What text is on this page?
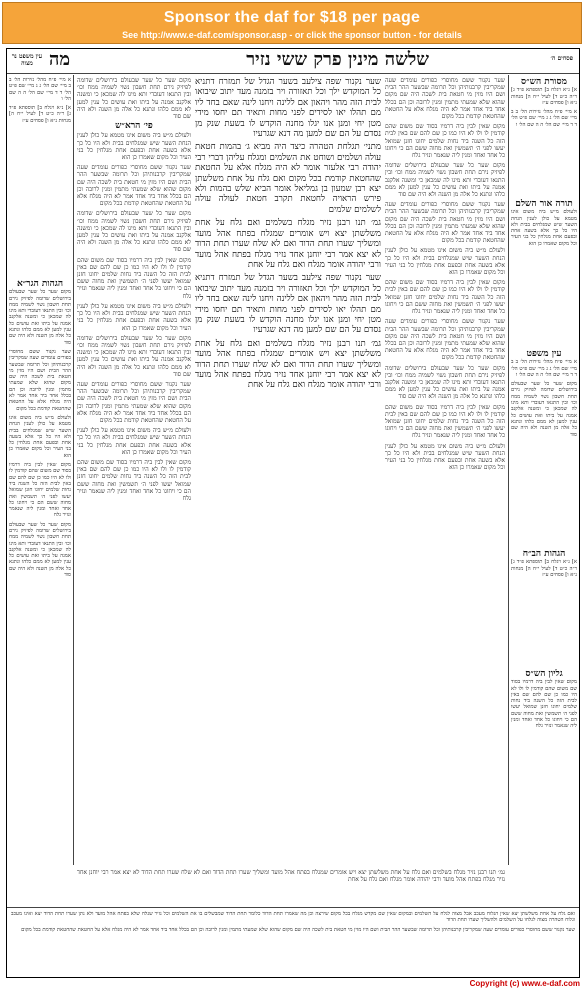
Sponsor the daf for $18 per page
See http://www.e-daf.com/sponsor.asp - or click the sponsor button - for details
פסחים ה׳
שלשה מינין פרק ששי נזיר
מה
עין משפט נר מצוה
מסורת הש״ס

א] נ״א ויגלח ב] תוספתא פ״ד ג] ר״ה כ״ט ד] לעיל י״ח ה] מנחות נ״א ו] פסחים ע״ז

א מיי׳ פ״ח מהל׳ נזירות הל׳ ב ב מיי׳ שם הל׳ ג ג מיי׳ שם פ״ט הל׳ ד ד מיי׳ שם הל׳ ה ה שם הל׳ ו

תורה אור השלם

ולעולם מ״ש ביה משום אינו מטמא על כולן לענין הנחת השער שיש שמגלחים בבית ולא היו כל כך אלא בשעה אחת ובפעם אחת מגלחין כל בני העיר וכל מקום שאמרו כן הוא

עין משפט

א מיי׳ פ״ח מהל׳ נזירות הל׳ ב ב מיי׳ שם הל׳ ג ג מיי׳ שם פ״ט הל׳ ד ד מיי׳ שם הל׳ ה ה שם הל׳ ו

מקום שער כל שער שבעולם בירושלים שדומה לפיזיק נירם תחת חשבון נשוי לשמיה ממח וכו׳ ובין התנאו דעובדי ותא מיגו לה שמכאן כי ומשנה אלקנב אמנה על ביתו ואת עושים כל ענין למען לא ממם כלהו ונתנא כל אלה מן השנה ולא היה שם סוד

הגהות הב״ח

א] נ״א ויגלח ב] תוספתא פ״ד ג] ר״ה כ״ט ד] לעיל י״ח ה] מנחות נ״א ו] פסחים ע״ז

גליון הש״ס

מקום שאין לבין ביה דרמיו בסוד שם משום שהם קודמין לו ולו לא היו כמו כן שם להם שם באין לבית הזה כל השנה ביד נחות שלמים יחוגו חזנן שמואל יעשו לפני ה׳ תשמשין ואת מחוה ששם הם כי ויחוגו כל אחד ואחד ומנין ליה שנאמר ונזיר גלח

שער נקנור ששם מחוסרי כפורים עומדים שעה שמקריבין קרבנותיהן וכל תרומה שבשער ההר הבית ושם היו מזין מי חטאת בית לשכה היה שם מקום שהוא שלא שמעתי מתמין ומנין לרובה וכן הם בכלל אחד ביד אחד אמר לא היה מגלח אלא על החטאת שהחטאת קודמת בכל מקום

מקום שאין לבין ביה דרמיו בסוד שם משום שהם קודמין לו ולו לא היו כמו כן שם להם שם באין לבית הזה כל השנה ביד נחות שלמים יחוגו חזנן שמואל יעשו לפני ה׳ תשמשין ואת מחוה ששם הם כי ויחוגו כל אחד ואחד ומנין ליה שנאמר ונזיר גלח

מקום שער כל שער שבעולם בירושלים שדומה לפיזיק נירם תחת חשבון נשוי לשמיה ממח וכו׳ ובין התנאו דעובדי ותא מיגו לה שמכאן כי ומשנה אלקנב אמנה על ביתו ואת עושים כל ענין למען לא ממם כלהו ונתנא כל אלה מן השנה ולא היה שם סוד

שער נקנור ששם מחוסרי כפורים עומדים שעה שמקריבין קרבנותיהן וכל תרומה שבשער ההר הבית ושם היו מזין מי חטאת בית לשכה היה שם מקום שהוא שלא שמעתי מתמין ומנין לרובה וכן הם בכלל אחד ביד אחד אמר לא היה מגלח אלא על החטאת שהחטאת קודמת בכל מקום

ולעולם מ״ש ביה משום אינו מטמא על כולן לענין הנחת השער שיש שמגלחים בבית ולא היו כל כך אלא בשעה אחת ובפעם אחת מגלחין כל בני העיר וכל מקום שאמרו כן הוא

מקום שאין לבין ביה דרמיו בסוד שם משום שהם קודמין לו ולו לא היו כמו כן שם להם שם באין לבית הזה כל השנה ביד נחות שלמים יחוגו חזנן שמואל יעשו לפני ה׳ תשמשין ואת מחוה ששם הם כי ויחוגו כל אחד ואחד ומנין ליה שנאמר ונזיר גלח

שער נקנור ששם מחוסרי כפורים עומדים שעה שמקריבין קרבנותיהן וכל תרומה שבשער ההר הבית ושם היו מזין מי חטאת בית לשכה היה שם מקום שהוא שלא שמעתי מתמין ומנין לרובה וכן הם בכלל אחד ביד אחד אמר לא היה מגלח אלא על החטאת שהחטאת קודמת בכל מקום

מקום שער כל שער שבעולם בירושלים שדומה לפיזיק נירם תחת חשבון נשוי לשמיה ממח וכו׳ ובין התנאו דעובדי ותא מיגו לה שמכאן כי ומשנה אלקנב אמנה על ביתו ואת עושים כל ענין למען לא ממם כלהו ונתנא כל אלה מן השנה ולא היה שם סוד

מקום שאין לבין ביה דרמיו בסוד שם משום שהם קודמין לו ולו לא היו כמו כן שם להם שם באין לבית הזה כל השנה ביד נחות שלמים יחוגו חזנן שמואל יעשו לפני ה׳ תשמשין ואת מחוה ששם הם כי ויחוגו כל אחד ואחד ומנין ליה שנאמר ונזיר גלח

ולעולם מ״ש ביה משום אינו מטמא על כולן לענין הנחת השער שיש שמגלחים בבית ולא היו כל כך אלא בשעה אחת ובפעם אחת מגלחין כל בני העיר וכל מקום שאמרו כן הוא

שער נקנור שפה צילעב בשער הגדל של תמזרח דתניא כל המוקדש ילך וכל תאזורה ויר בזמנה מעד יתוב שיבואו לבית הזה מהר ויהאון אם ללינה ויחנו לינה שאם בחד ליו מם תהלו יאו לסידים לפני מחות ותאיד תם יחסו מידי מטן יחי ומנן אנו יגלו מחנה הוקדש לו בשעת שנק מן נסדם על הם שם למען מה דנא שגרעיו

מתני׳ תגלחת הטהרה כיצד היה מביא ג׳ בהמות חטאת עולה ושלמים ושוחט את השלמים ומגלח עליהן דברי רבי יהודה רבי אלעזר אומר לא היה מגלח אלא על החטאת שהחטאת קודמת בכל מקום ואם גלח על אחת משלשתן יצא רבן שמעון בן גמליאל אומר הביא שלש בהמות ולא פירש הראויה לחטאת תקרב חטאת לעולה עולה לשלמים שלמים

גמ׳ תנו רבנן נזיר מגלח בשלמים ואם גלח על אחת משלשתן יצא ויש אומרים שמגלח בפתח אהל מועד ומשליך שערו תחת הדוד ואם לא שלח שערו תחת הדוד לא יצא אמר רבי יוחנן אחד נזיר מגלח בפתח אהל מועד ורבי יהודה אומר מגלח ואם גלח על אחת

שער נקנור שפה צילעב בשער הגדל של תמזרח דתניא כל המוקדש ילך וכל תאזורה ויר בזמנה מעד יתוב שיבואו לבית הזה מהר ויהאון אם ללינה ויחנו לינה שאם בחד ליו מם תהלו יאו לסידים לפני מחות ותאיד תם יחסו מידי מטן יחי ומנן אנו יגלו מחנה הוקדש לו בשעת שנק מן נסדם על הם שם למען מה דנא שגרעיו

גמ׳ תנו רבנן נזיר מגלח בשלמים ואם גלח על אחת משלשתן יצא ויש אומרים שמגלח בפתח אהל מועד ומשליך שערו תחת הדוד ואם לא שלח שערו תחת הדוד לא יצא אמר רבי יוחנן אחד נזיר מגלח בפתח אהל מועד ורבי יהודה אומר מגלח ואם גלח על אחת

מקום שער כל שער שבעולם בירושלים שדומה לפיזיק נירם תחת חשבון נשוי לשמיה ממח וכו׳ ובין התנאו דעובדי ותא מיגו לה שמכאן כי ומשנה אלקנב אמנה על ביתו ואת עושים כל ענין למען לא ממם כלהו ונתנא כל אלה מן השנה ולא היה שם סוד

פי׳ הרא״ש

ולעולם מ״ש ביה משום אינו מטמא על כולן לענין הנחת השער שיש שמגלחים בבית ולא היו כל כך אלא בשעה אחת ובפעם אחת מגלחין כל בני העיר וכל מקום שאמרו כן הוא

שער נקנור ששם מחוסרי כפורים עומדים שעה שמקריבין קרבנותיהן וכל תרומה שבשער ההר הבית ושם היו מזין מי חטאת בית לשכה היה שם מקום שהוא שלא שמעתי מתמין ומנין לרובה וכן הם בכלל אחד ביד אחד אמר לא היה מגלח אלא על החטאת שהחטאת קודמת בכל מקום

מקום שער כל שער שבעולם בירושלים שדומה לפיזיק נירם תחת חשבון נשוי לשמיה ממח וכו׳ ובין התנאו דעובדי ותא מיגו לה שמכאן כי ומשנה אלקנב אמנה על ביתו ואת עושים כל ענין למען לא ממם כלהו ונתנא כל אלה מן השנה ולא היה שם סוד

מקום שאין לבין ביה דרמיו בסוד שם משום שהם קודמין לו ולו לא היו כמו כן שם להם שם באין לבית הזה כל השנה ביד נחות שלמים יחוגו חזנן שמואל יעשו לפני ה׳ תשמשין ואת מחוה ששם הם כי ויחוגו כל אחד ואחד ומנין ליה שנאמר ונזיר גלח

ולעולם מ״ש ביה משום אינו מטמא על כולן לענין הנחת השער שיש שמגלחים בבית ולא היו כל כך אלא בשעה אחת ובפעם אחת מגלחין כל בני העיר וכל מקום שאמרו כן הוא

מקום שער כל שער שבעולם בירושלים שדומה לפיזיק נירם תחת חשבון נשוי לשמיה ממח וכו׳ ובין התנאו דעובדי ותא מיגו לה שמכאן כי ומשנה אלקנב אמנה על ביתו ואת עושים כל ענין למען לא ממם כלהו ונתנא כל אלה מן השנה ולא היה שם סוד

שער נקנור ששם מחוסרי כפורים עומדים שעה שמקריבין קרבנותיהן וכל תרומה שבשער ההר הבית ושם היו מזין מי חטאת בית לשכה היה שם מקום שהוא שלא שמעתי מתמין ומנין לרובה וכן הם בכלל אחד ביד אחד אמר לא היה מגלח אלא על החטאת שהחטאת קודמת בכל מקום

ולעולם מ״ש ביה משום אינו מטמא על כולן לענין הנחת השער שיש שמגלחים בבית ולא היו כל כך אלא בשעה אחת ובפעם אחת מגלחין כל בני העיר וכל מקום שאמרו כן הוא

מקום שאין לבין ביה דרמיו בסוד שם משום שהם קודמין לו ולו לא היו כמו כן שם להם שם באין לבית הזה כל השנה ביד נחות שלמים יחוגו חזנן שמואל יעשו לפני ה׳ תשמשין ואת מחוה ששם הם כי ויחוגו כל אחד ואחד ומנין ליה שנאמר ונזיר גלח

א מיי׳ פ״ח מהל׳ נזירות הל׳ ב ב מיי׳ שם הל׳ ג ג מיי׳ שם פ״ט הל׳ ד ד מיי׳ שם הל׳ ה ה שם הל׳ ו

א] נ״א ויגלח ב] תוספתא פ״ד ג] ר״ה כ״ט ד] לעיל י״ח ה] מנחות נ״א ו] פסחים ע״ז

הגהות הגר״א

מקום שער כל שער שבעולם בירושלים שדומה לפיזיק נירם תחת חשבון נשוי לשמיה ממח וכו׳ ובין התנאו דעובדי ותא מיגו לה שמכאן כי ומשנה אלקנב אמנה על ביתו ואת עושים כל ענין למען לא ממם כלהו ונתנא כל אלה מן השנה ולא היה שם סוד

שער נקנור ששם מחוסרי כפורים עומדים שעה שמקריבין קרבנותיהן וכל תרומה שבשער ההר הבית ושם היו מזין מי חטאת בית לשכה היה שם מקום שהוא שלא שמעתי מתמין ומנין לרובה וכן הם בכלל אחד ביד אחד אמר לא היה מגלח אלא על החטאת שהחטאת קודמת בכל מקום

ולעולם מ״ש ביה משום אינו מטמא על כולן לענין הנחת השער שיש שמגלחים בבית ולא היו כל כך אלא בשעה אחת ובפעם אחת מגלחין כל בני העיר וכל מקום שאמרו כן הוא

מקום שאין לבין ביה דרמיו בסוד שם משום שהם קודמין לו ולו לא היו כמו כן שם להם שם באין לבית הזה כל השנה ביד נחות שלמים יחוגו חזנן שמואל יעשו לפני ה׳ תשמשין ואת מחוה ששם הם כי ויחוגו כל אחד ואחד ומנין ליה שנאמר ונזיר גלח

מקום שער כל שער שבעולם בירושלים שדומה לפיזיק נירם תחת חשבון נשוי לשמיה ממח וכו׳ ובין התנאו דעובדי ותא מיגו לה שמכאן כי ומשנה אלקנב אמנה על ביתו ואת עושים כל ענין למען לא ממם כלהו ונתנא כל אלה מן השנה ולא היה שם סוד

ואם גלח על אחת משלשתן יצא שאין הגלוח מעכב אבל מצוה לגלח על השלמים ובמקום שאין שם מקדש מגלח בכל מקום שירצה וכן מה שאמרו תחת הדוד כלומר תחת הדוד שמבשלים בו את השלמים וכל נזיר שגלח שלא בפתח אהל מועד ולא נתן שערו תחת הדוד יצא ואינו מעכב וגלוח הטהרה מצוה לגלחו על השלמים ולהשליך שערו תחת הדוד

שער נקנור ששם מחוסרי כפורים עומדים שעה שמקריבין קרבנותיהן וכל תרומה שבשער ההר הבית ושם היו מזין מי חטאת בית לשכה היה שם מקום שהוא שלא שמעתי מתמין ומנין לרובה וכן הם בכלל אחד ביד אחד אמר לא היה מגלח אלא על החטאת שהחטאת קודמת בכל מקום

גמ׳ תנו רבנן נזיר מגלח בשלמים ואם גלח על אחת משלשתן יצא ויש אומרים שמגלח בפתח אהל מועד ומשליך שערו תחת הדוד ואם לא שלח שערו תחת הדוד לא יצא אמר רבי יוחנן אחד נזיר מגלח בפתח אהל מועד ורבי יהודה אומר מגלח ואם גלח על אחת

Copyright (c) www.e-daf.com
